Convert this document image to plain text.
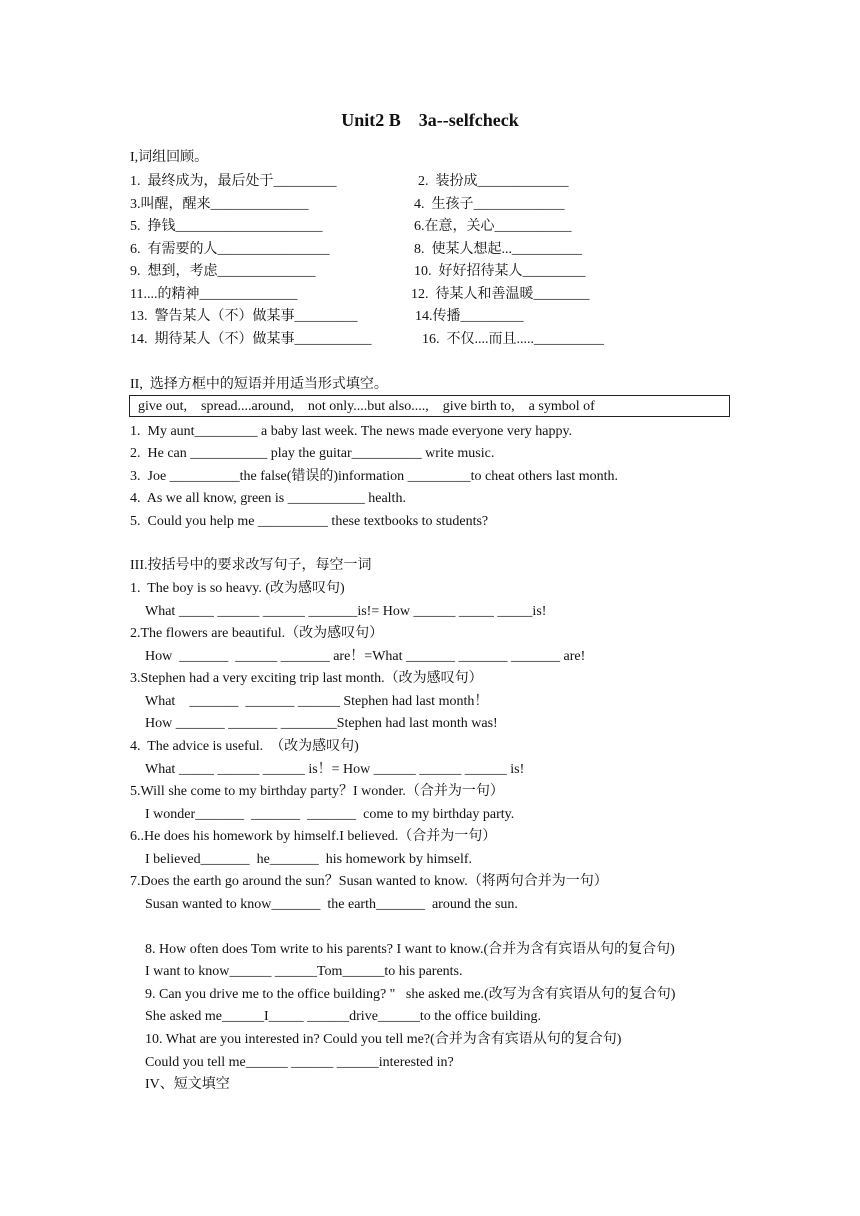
Unit2 B    3a--selfcheck
I,词组回顾。
1.  最终成为，最后处于_________	2.  装扮成_____________
3.叫醒，醒来______________	4.  生孩子_____________
5.  挣钱_____________________	6.在意，关心___________
6.  有需要的人________________	8.  使某人想起...__________
9.  想到，考虑______________	10.  好好招待某人_________
11....的精神______________	12.  待某人和善温暖________
13.  警告某人（不）做某事_________	14.传播_________
14.  期待某人（不）做某事___________	16.  不仅....而且.....__________
II,  选择方框中的短语并用适当形式填空。
give out,    spread....around,    not only....but also....,    give birth to,    a symbol of
1.  My aunt_________ a baby last week. The news made everyone very happy.
2.  He can ___________ play the guitar__________ write music.
3.  Joe __________the false(错误的)information _________to cheat others last month.
4.  As we all know, green is ___________ health.
5.  Could you help me __________ these textbooks to students?
III.按括号中的要求改写句子，每空一词
1.  The boy is so heavy. (改为感叹句)
What _____ ______ ______ _______is!= How ______ _____ _____is!
2.The flowers are beautiful.（改为感叹句）
How  _______  ______ _______ are！=What _______ _______ _______ are!
3.Stephen had a very exciting trip last month.（改为感叹句）
What    _______  _______ ______ Stephen had last month！
How _______ _______ ________Stephen had last month was!
4.  The advice is useful.  （改为感叹句)
What _____ ______ ______ is！= How ______ ______ ______ is!
5.Will she come to my birthday party？I wonder.（合并为一句）
I wonder_______  _______  _______  come to my birthday party.
6..He does his homework by himself.I believed.（合并为一句）
I believed_______  he_______  his homework by himself.
7.Does the earth go around the sun？Susan wanted to know.（将两句合并为一句）
Susan wanted to know_______  the earth_______  around the sun.
8. How often does Tom write to his parents? I want to know.(合并为含有宾语从句的复合句)
I want to know______ ______Tom______to his parents.
9. Can you drive me to the office building? "   she asked me.(改写为含有宾语从句的复合句)
She asked me______I_____ ______drive______to the office building.
10. What are you interested in? Could you tell me?(合并为含有宾语从句的复合句)
Could you tell me______ ______ ______interested in?
IV、短文填空
